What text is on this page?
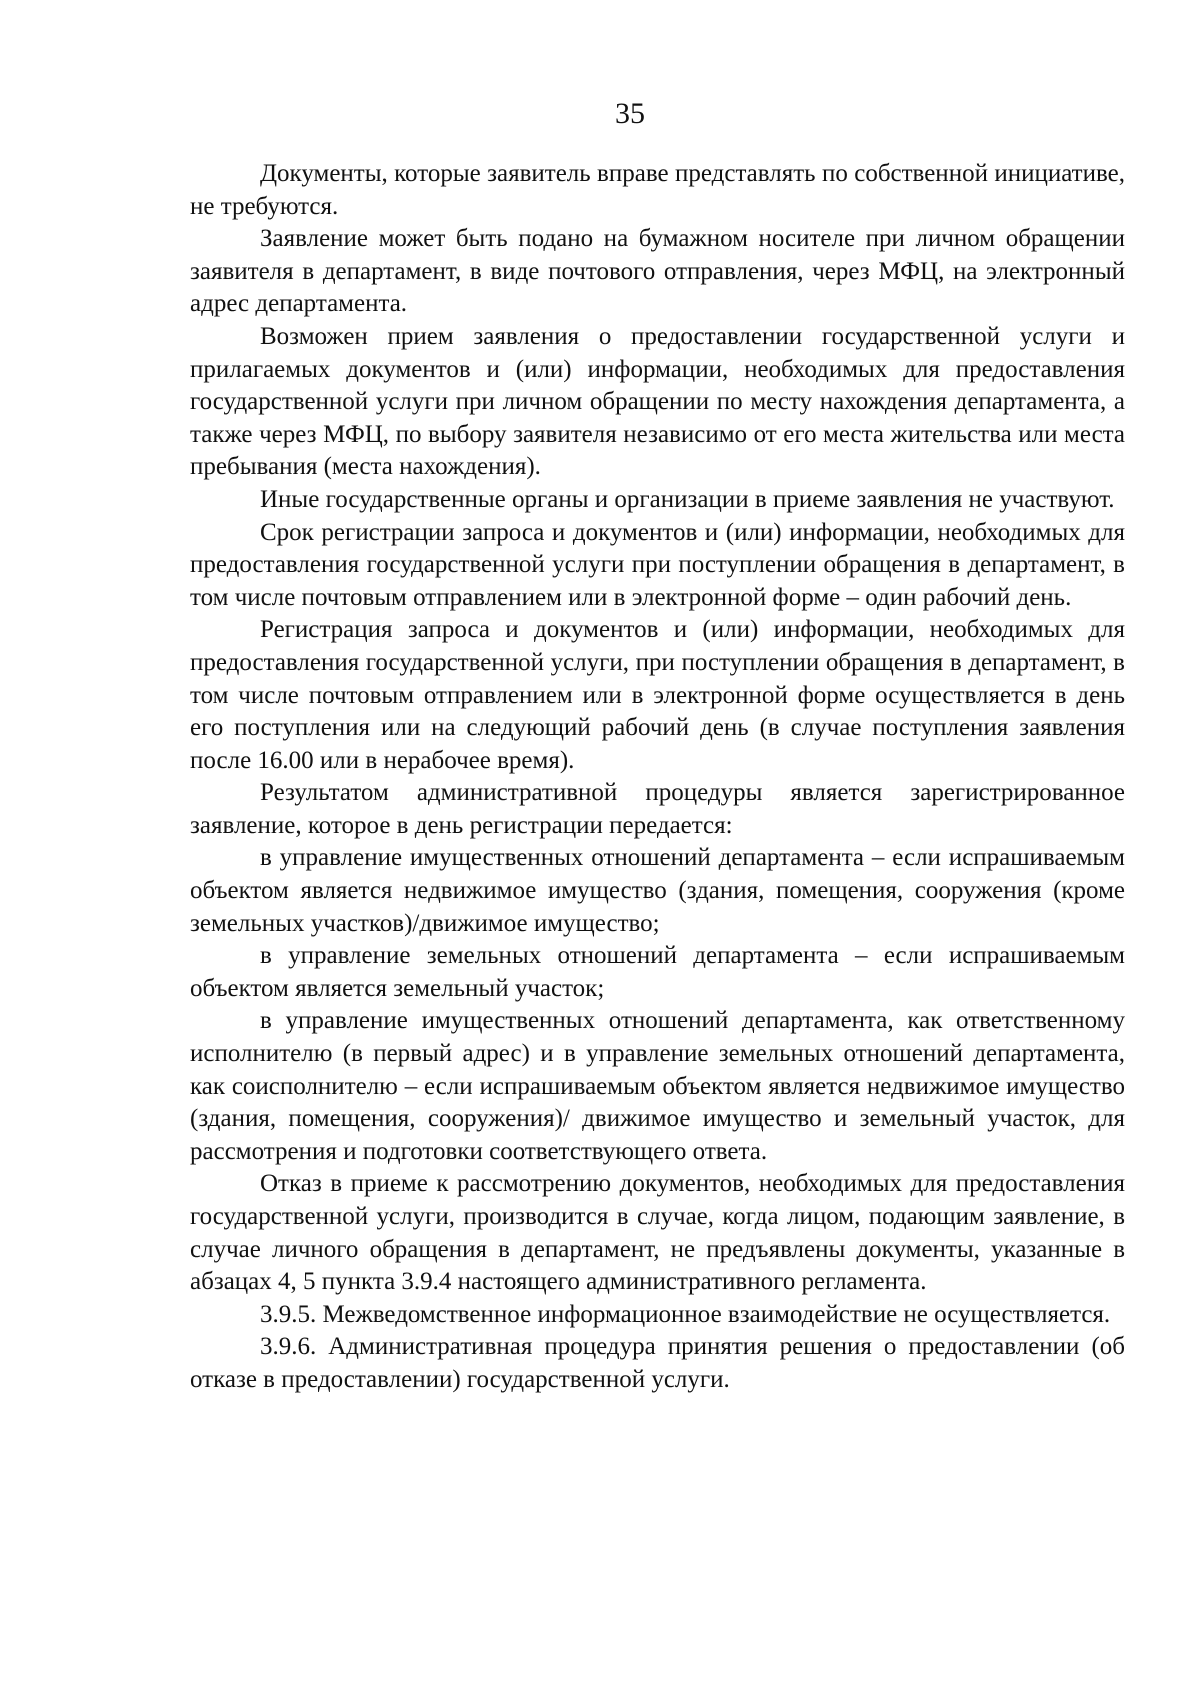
35

Документы, которые заявитель вправе представлять по собственной инициативе, не требуются.

Заявление может быть подано на бумажном носителе при личном обращении заявителя в департамент, в виде почтового отправления, через МФЦ, на электронный адрес департамента.

Возможен прием заявления о предоставлении государственной услуги и прилагаемых документов и (или) информации, необходимых для предоставления государственной услуги при личном обращении по месту нахождения департамента, а также через МФЦ, по выбору заявителя независимо от его места жительства или места пребывания (места нахождения).

Иные государственные органы и организации в приеме заявления не участвуют.

Срок регистрации запроса и документов и (или) информации, необходимых для предоставления государственной услуги при поступлении обращения в департамент, в том числе почтовым отправлением или в электронной форме – один рабочий день.

Регистрация запроса и документов и (или) информации, необходимых для предоставления государственной услуги, при поступлении обращения в департамент, в том числе почтовым отправлением или в электронной форме осуществляется в день его поступления или на следующий рабочий день (в случае поступления заявления после 16.00 или в нерабочее время).

Результатом административной процедуры является зарегистрированное заявление, которое в день регистрации передается:

в управление имущественных отношений департамента – если испрашиваемым объектом является недвижимое имущество (здания, помещения, сооружения (кроме земельных участков)/движимое имущество;

в управление земельных отношений департамента – если испрашиваемым объектом является земельный участок;

в управление имущественных отношений департамента, как ответственному исполнителю (в первый адрес) и в управление земельных отношений департамента, как соисполнителю – если испрашиваемым объектом является недвижимое имущество (здания, помещения, сооружения)/ движимое имущество и земельный участок, для рассмотрения и подготовки соответствующего ответа.

Отказ в приеме к рассмотрению документов, необходимых для предоставления государственной услуги, производится в случае, когда лицом, подающим заявление, в случае личного обращения в департамент, не предъявлены документы, указанные в абзацах 4, 5 пункта 3.9.4 настоящего административного регламента.

3.9.5. Межведомственное информационное взаимодействие не осуществляется.

3.9.6. Административная процедура принятия решения о предоставлении (об отказе в предоставлении) государственной услуги.
